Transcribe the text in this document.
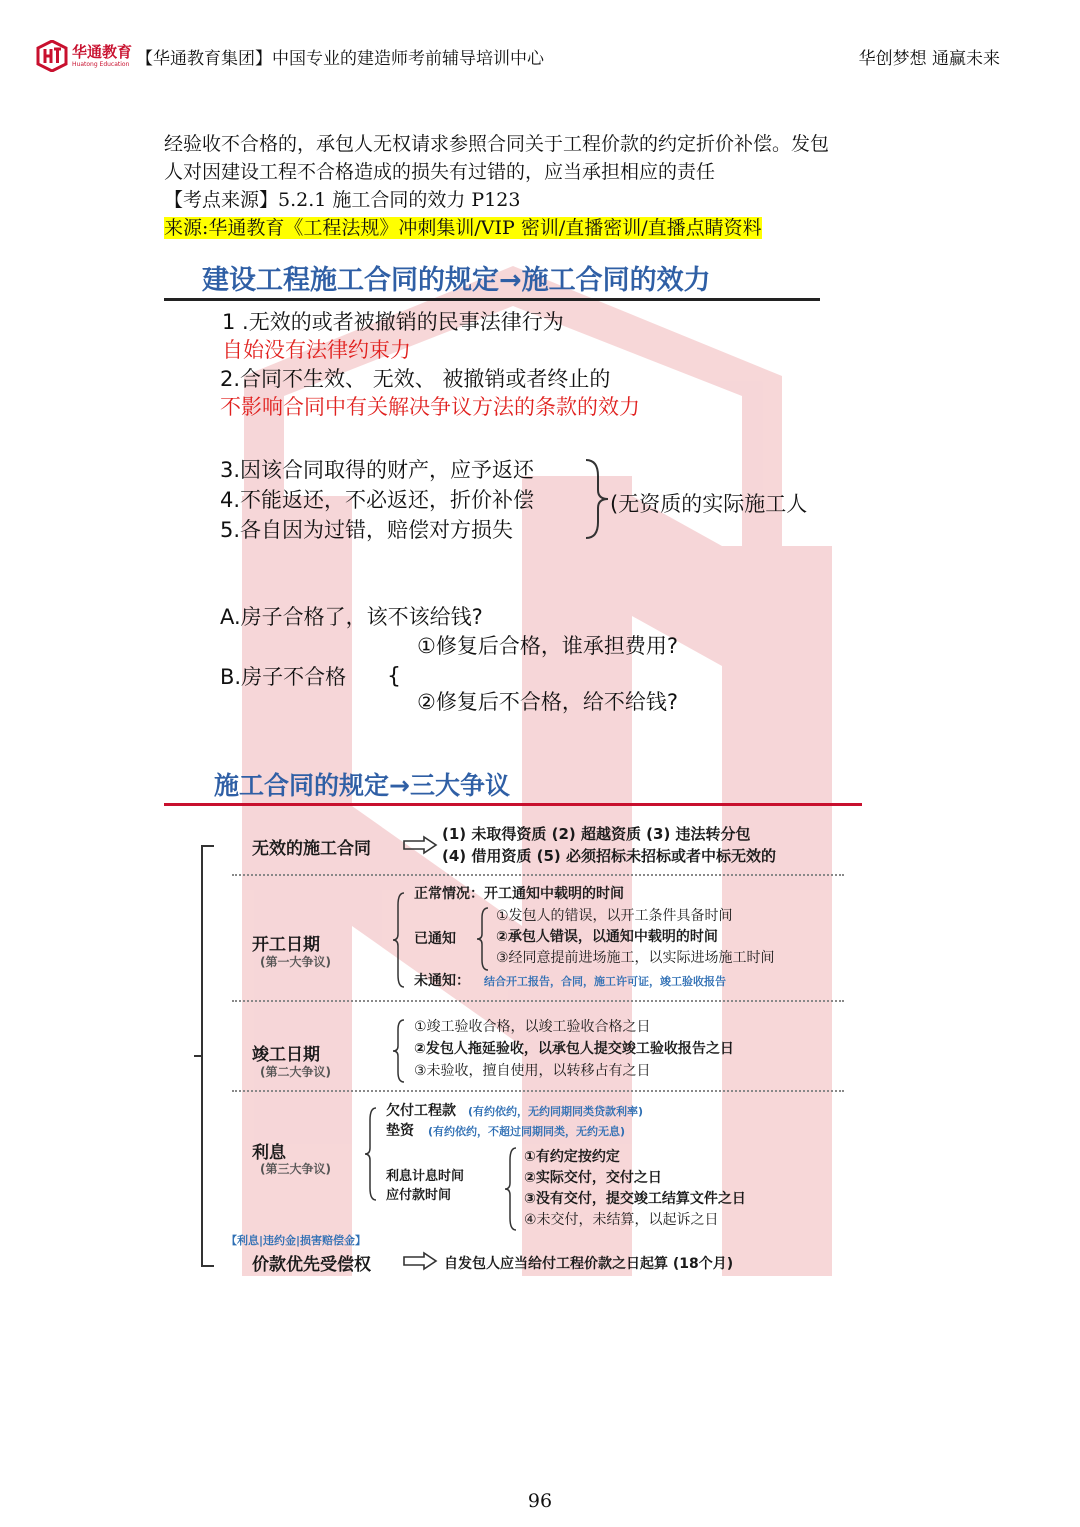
华通教育
Huatong Education 【华通教育集团】中国专业的建造师考前辅导培训中心	华创梦想 通赢未来
经验收不合格的，承包人无权请求参照合同关于工程价款的约定折价补偿。发包
人对因建设工程不合格造成的损失有过错的，应当承担相应的责任
【考点来源】5.2.1 施工合同的效力 P123
来源:华通教育《工程法规》冲刺集训/VIP 密训/直播密训/直播点睛资料
建设工程施工合同的规定→施工合同的效力
1 .无效的或者被撤销的民事法律行为
自始没有法律约束力
2.合同不生效、 无效、 被撤销或者终止的
不影响合同中有关解决争议方法的条款的效力
3.因该合同取得的财产，应予返还
4.不能返还，不必返还，折价补偿
5.各自因为过错，赔偿对方损失
(无资质的实际施工人
A.房子合格了，该不该给钱?
①修复后合格，谁承担费用?
B.房子不合格 {
②修复后不合格，给不给钱?
施工合同的规定→三大争议
无效的施工合同
(1) 未取得资质 (2) 超越资质 (3) 违法转分包
(4) 借用资质 (5) 必须招标未招标或者中标无效的
正常情况：开工通知中载明的时间
已通知
①发包人的错误，以开工条件具备时间
②承包人错误，以通知中载明的时间
③经同意提前进场施工，以实际进场施工时间
未通知： 结合开工报告，合同，施工许可证，竣工验收报告
开工日期
(第一大争议)
竣工日期
(第二大争议)
①竣工验收合格，以竣工验收合格之日
②发包人拖延验收，以承包人提交竣工验收报告之日
③未验收，擅自使用，以转移占有之日
利息
(第三大争议)
欠付工程款 (有约依约，无约同期同类贷款利率)
垫资 (有约依约，不超过同期同类，无约无息)
利息计息时间
应付款时间
①有约定按约定
②实际交付，交付之日
③没有交付，提交竣工结算文件之日
④未交付，未结算，以起诉之日
【利息|违约金|损害赔偿金】
价款优先受偿权	自发包人应当给付工程价款之日起算 (18个月)
96
